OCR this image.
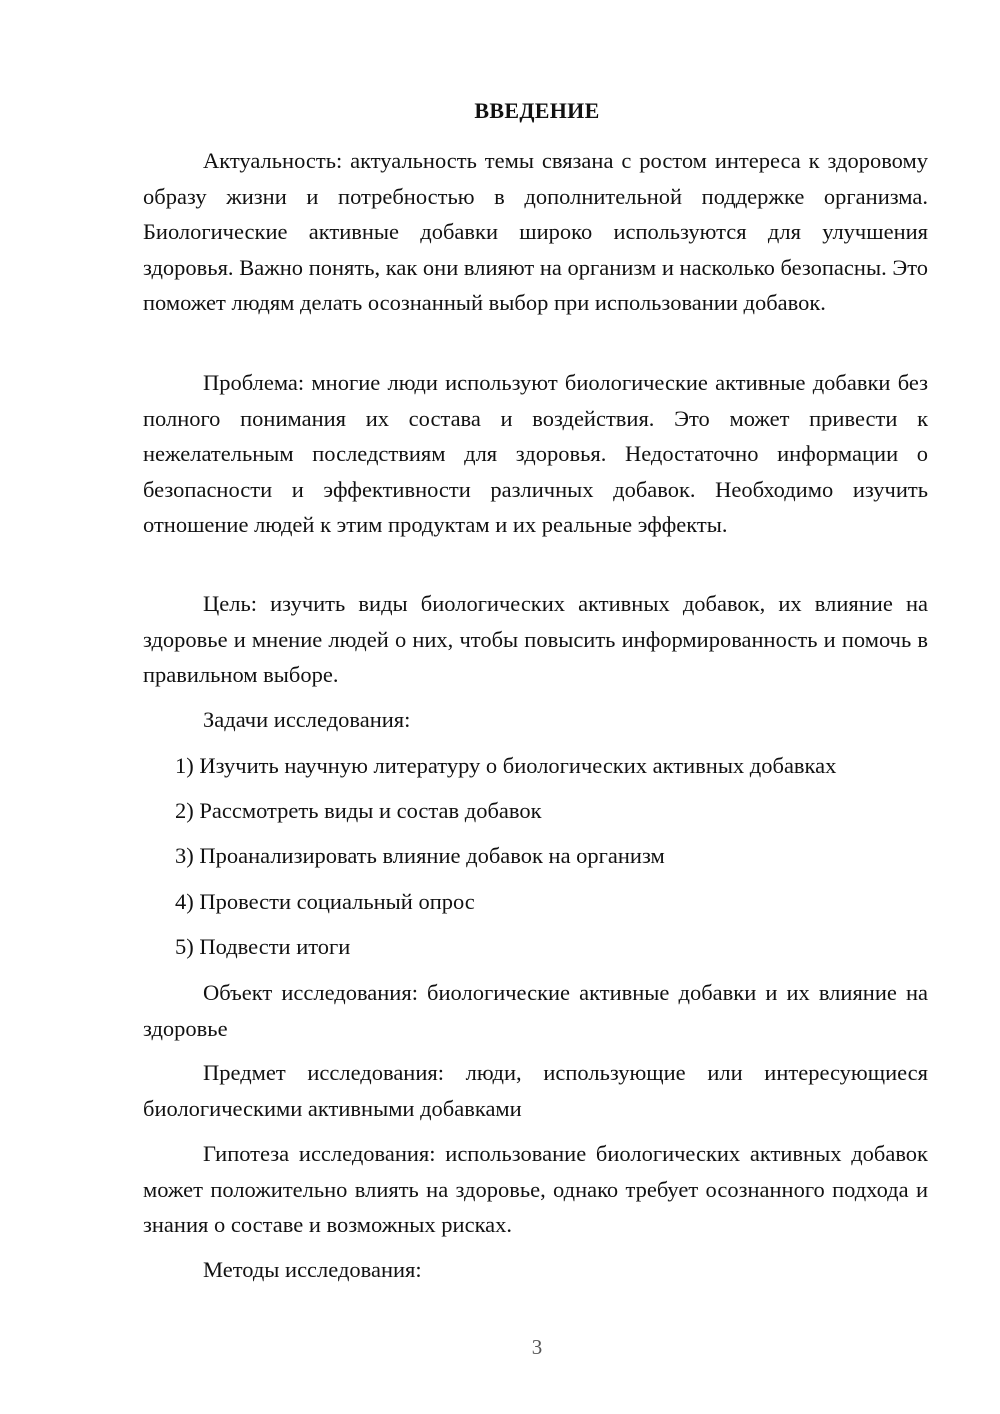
ВВЕДЕНИЕ

Актуальность: актуальность темы связана с ростом интереса к здоровому образу жизни и потребностью в дополнительной поддержке организма. Биологические активные добавки широко используются для улучшения здоровья. Важно понять, как они влияют на организм и насколько безопасны. Это поможет людям делать осознанный выбор при использовании добавок.

Проблема: многие люди используют биологические активные добавки без полного понимания их состава и воздействия. Это может привести к нежелательным последствиям для здоровья. Недостаточно информации о безопасности и эффективности различных добавок. Необходимо изучить отношение людей к этим продуктам и их реальные эффекты.

Цель: изучить виды биологических активных добавок, их влияние на здоровье и мнение людей о них, чтобы повысить информированность и помочь в правильном выборе.

Задачи исследования:

1) Изучить научную литературу о биологических активных добавках

2) Рассмотреть виды и состав добавок

3) Проанализировать влияние добавок на организм

4) Провести социальный опрос

5) Подвести итоги

Объект исследования: биологические активные добавки и их влияние на здоровье

Предмет исследования: люди, использующие или интересующиеся биологическими активными добавками

Гипотеза исследования: использование биологических активных добавок может положительно влиять на здоровье, однако требует осознанного подхода и знания о составе и возможных рисках.

Методы исследования:

3
